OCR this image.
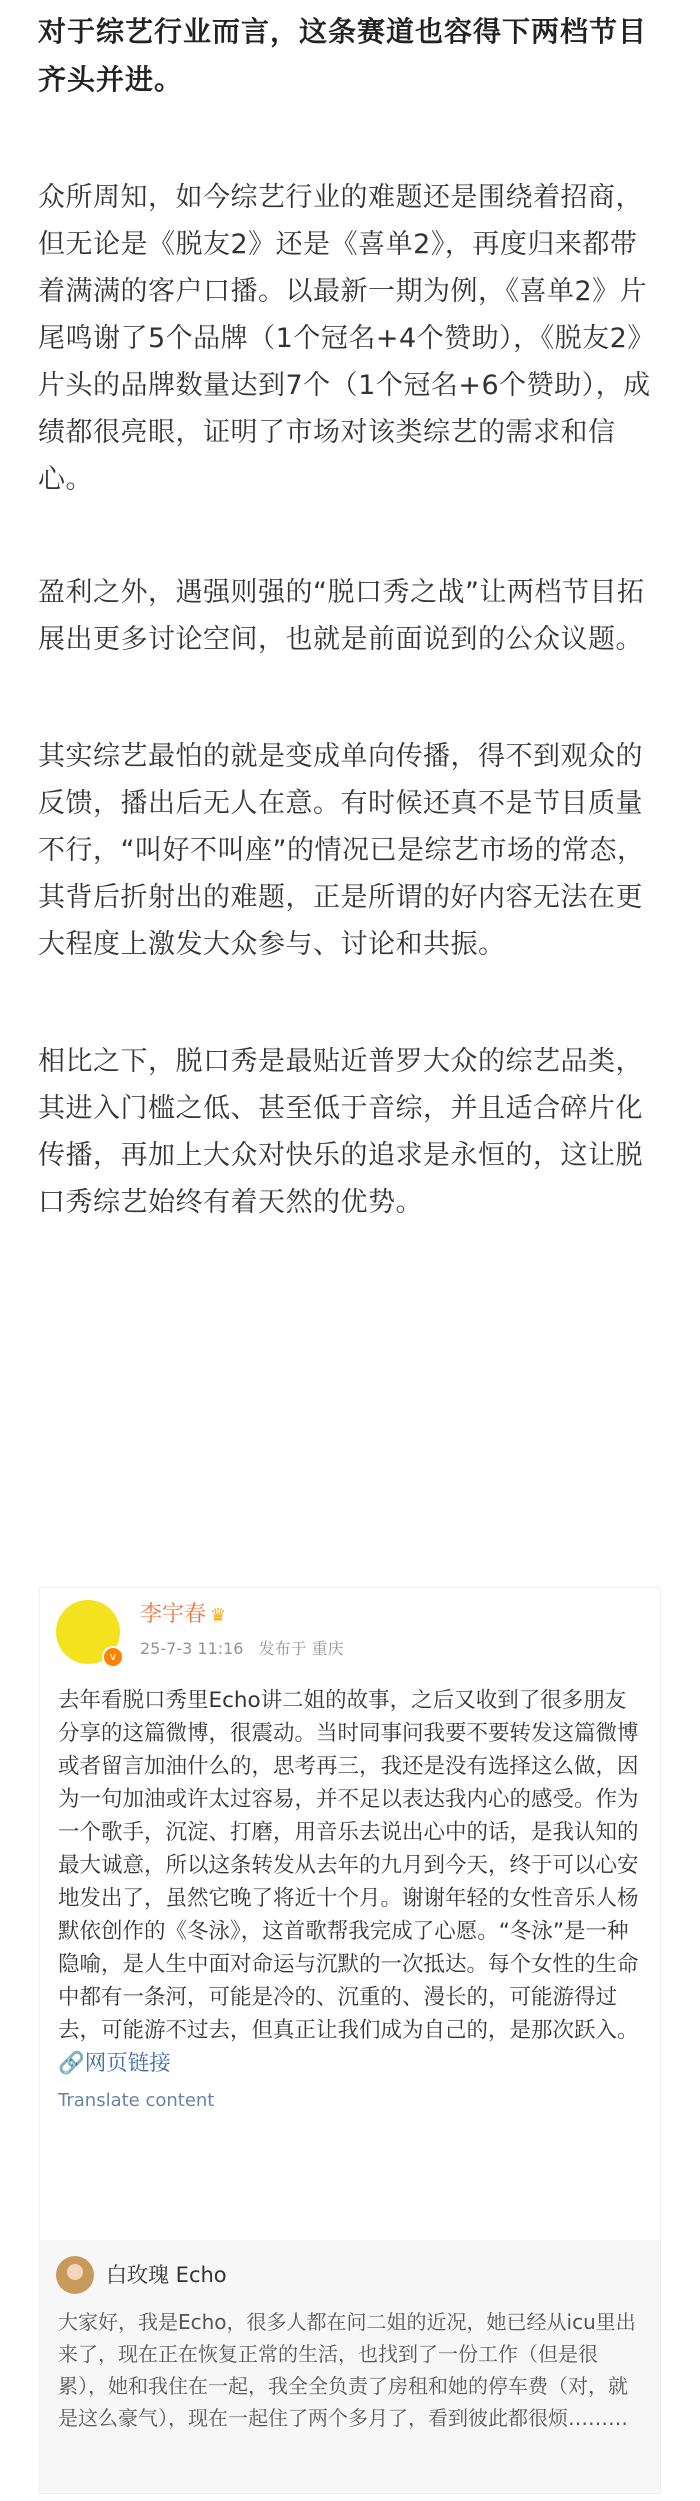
对于综艺行业而言，这条赛道也容得下两档节目齐头并进。

众所周知，如今综艺行业的难题还是围绕着招商，但无论是《脱友2》还是《喜单2》，再度归来都带着满满的客户口播。以最新一期为例，《喜单2》片尾鸣谢了5个品牌（1个冠名+4个赞助），《脱友2》片头的品牌数量达到7个（1个冠名+6个赞助），成绩都很亮眼，证明了市场对该类综艺的需求和信心。

盈利之外，遇强则强的“脱口秀之战”让两档节目拓展出更多讨论空间，也就是前面说到的公众议题。

其实综艺最怕的就是变成单向传播，得不到观众的反馈，播出后无人在意。有时候还真不是节目质量不行，“叫好不叫座”的情况已是综艺市场的常态，其背后折射出的难题，正是所谓的好内容无法在更大程度上激发大众参与、讨论和共振。

相比之下，脱口秀是最贴近普罗大众的综艺品类，其进入门槛之低、甚至低于音综，并且适合碎片化传播，再加上大众对快乐的追求是永恒的，这让脱口秀综艺始终有着天然的优势。

v
李宇春 ♛
25-7-3 11:16 发布于 重庆
去年看脱口秀里Echo讲二姐的故事，之后又收到了很多朋友分享的这篇微博，很震动。当时同事问我要不要转发这篇微博或者留言加油什么的，思考再三，我还是没有选择这么做，因为一句加油或许太过容易，并不足以表达我内心的感受。作为一个歌手，沉淀、打磨，用音乐去说出心中的话，是我认知的最大诚意，所以这条转发从去年的九月到今天，终于可以心安地发出了，虽然它晚了将近十个月。谢谢年轻的女性音乐人杨默依创作的《冬泳》，这首歌帮我完成了心愿。“冬泳”是一种隐喻，是人生中面对命运与沉默的一次抵达。每个女性的生命中都有一条河，可能是冷的、沉重的、漫长的，可能游得过去，可能游不过去，但真正让我们成为自己的，是那次跃入。 🔗网页链接
Translate content
白玫瑰 Echo
大家好，我是Echo，很多人都在问二姐的近况，她已经从icu里出来了，现在正在恢复正常的生活，也找到了一份工作（但是很累），她和我住在一起，我全全负责了房租和她的停车费（对，就是这么豪气），现在一起住了两个多月了，看到彼此都很烦………
